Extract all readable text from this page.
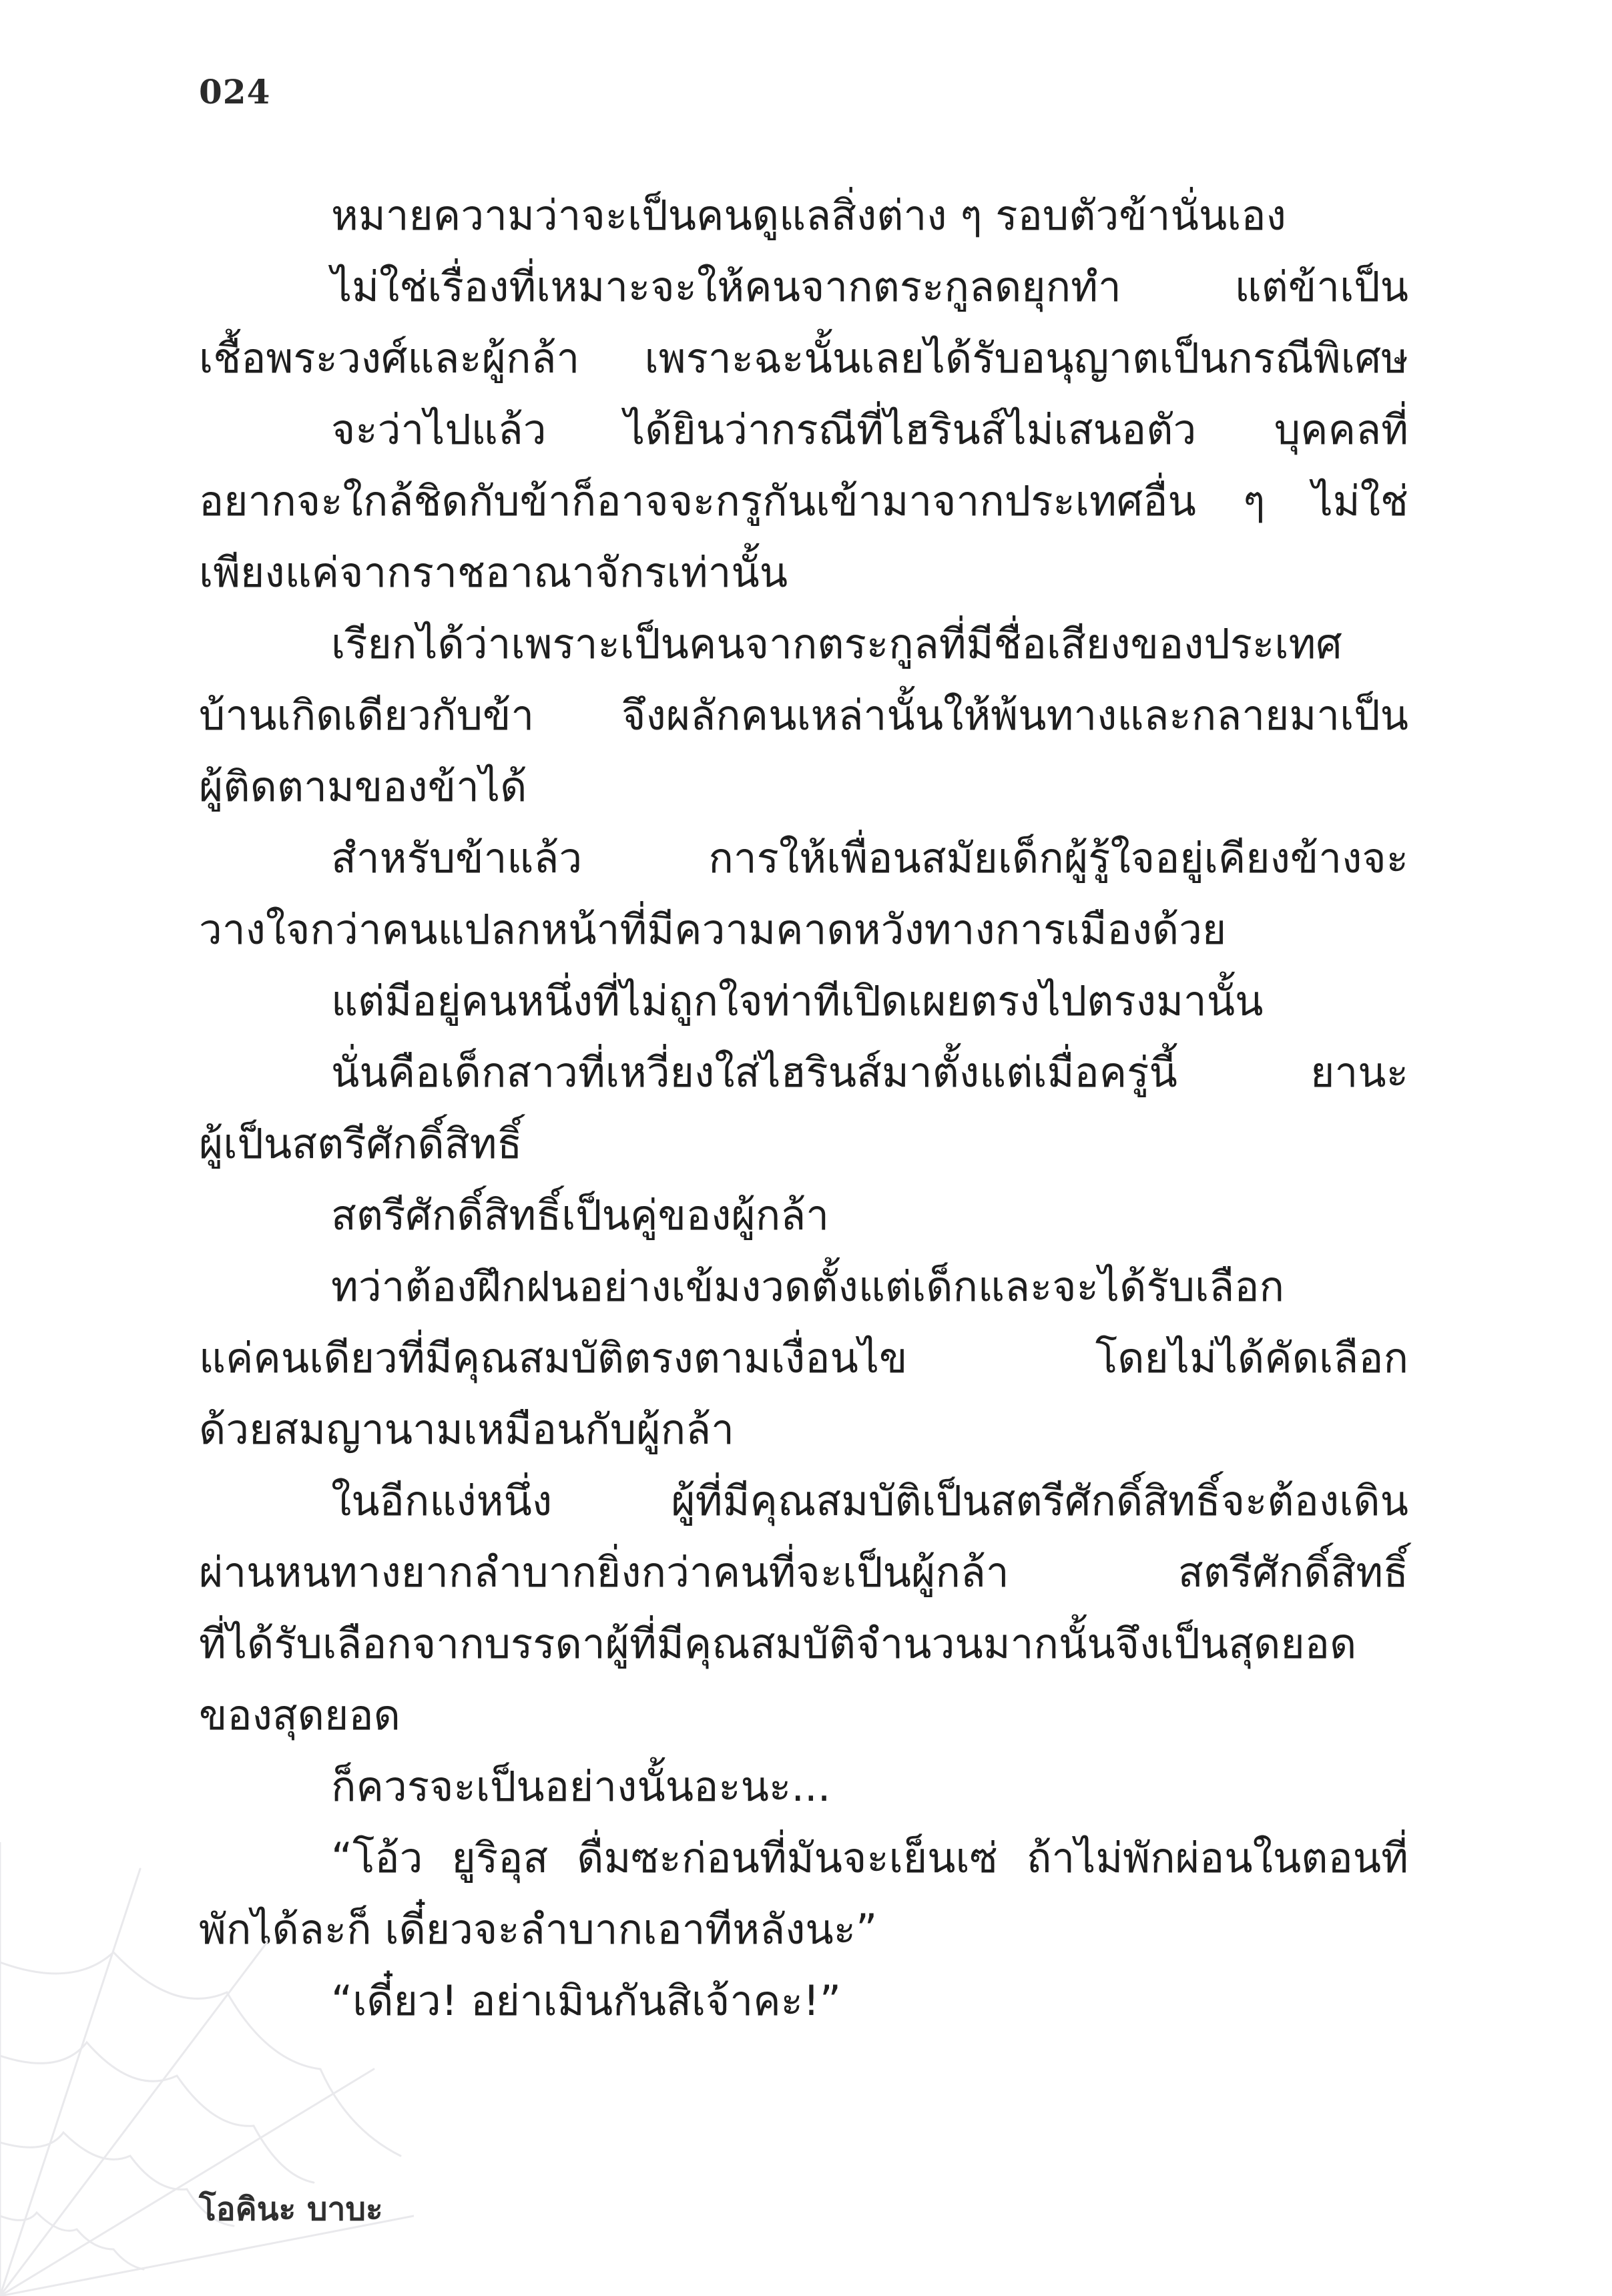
024
หมายความว่าจะเป็นคนดูแลสิ่งต่าง ๆ รอบตัวข้านั่นเอง
ไม่ใช่เรื่องที่เหมาะจะให้คนจากตระกูลดยุกทำ แต่ข้าเป็น
เชื้อพระวงศ์และผู้กล้า เพราะฉะนั้นเลยได้รับอนุญาตเป็นกรณีพิเศษ
จะว่าไปแล้ว ได้ยินว่ากรณีที่ไฮรินส์ไม่เสนอตัว บุคคลที่
อยากจะใกล้ชิดกับข้าก็อาจจะกรูกันเข้ามาจากประเทศอื่น ๆ ไม่ใช่
เพียงแค่จากราชอาณาจักรเท่านั้น
เรียกได้ว่าเพราะเป็นคนจากตระกูลที่มีชื่อเสียงของประเทศ
บ้านเกิดเดียวกับข้า จึงผลักคนเหล่านั้นให้พ้นทางและกลายมาเป็น
ผู้ติดตามของข้าได้
สำหรับข้าแล้ว การให้เพื่อนสมัยเด็กผู้รู้ใจอยู่เคียงข้างจะ
วางใจกว่าคนแปลกหน้าที่มีความคาดหวังทางการเมืองด้วย
แต่มีอยู่คนหนึ่งที่ไม่ถูกใจท่าทีเปิดเผยตรงไปตรงมานั้น
นั่นคือเด็กสาวที่เหวี่ยงใส่ไฮรินส์มาตั้งแต่เมื่อครู่นี้ ยานะ
ผู้เป็นสตรีศักดิ์สิทธิ์
สตรีศักดิ์สิทธิ์เป็นคู่ของผู้กล้า
ทว่าต้องฝึกฝนอย่างเข้มงวดตั้งแต่เด็กและจะได้รับเลือก
แค่คนเดียวที่มีคุณสมบัติตรงตามเงื่อนไข โดยไม่ได้คัดเลือก
ด้วยสมญานามเหมือนกับผู้กล้า
ในอีกแง่หนึ่ง ผู้ที่มีคุณสมบัติเป็นสตรีศักดิ์สิทธิ์จะต้องเดิน
ผ่านหนทางยากลำบากยิ่งกว่าคนที่จะเป็นผู้กล้า สตรีศักดิ์สิทธิ์
ที่ได้รับเลือกจากบรรดาผู้ที่มีคุณสมบัติจำนวนมากนั้นจึงเป็นสุดยอด
ของสุดยอด
ก็ควรจะเป็นอย่างนั้นอะนะ...
“โอ้ว ยูริอุส ดื่มซะก่อนที่มันจะเย็นเซ่ ถ้าไม่พักผ่อนในตอนที่
พักได้ละก็ เดี๋ยวจะลำบากเอาทีหลังนะ”
“เดี๋ยว! อย่าเมินกันสิเจ้าคะ!”
โอคินะ บาบะ
